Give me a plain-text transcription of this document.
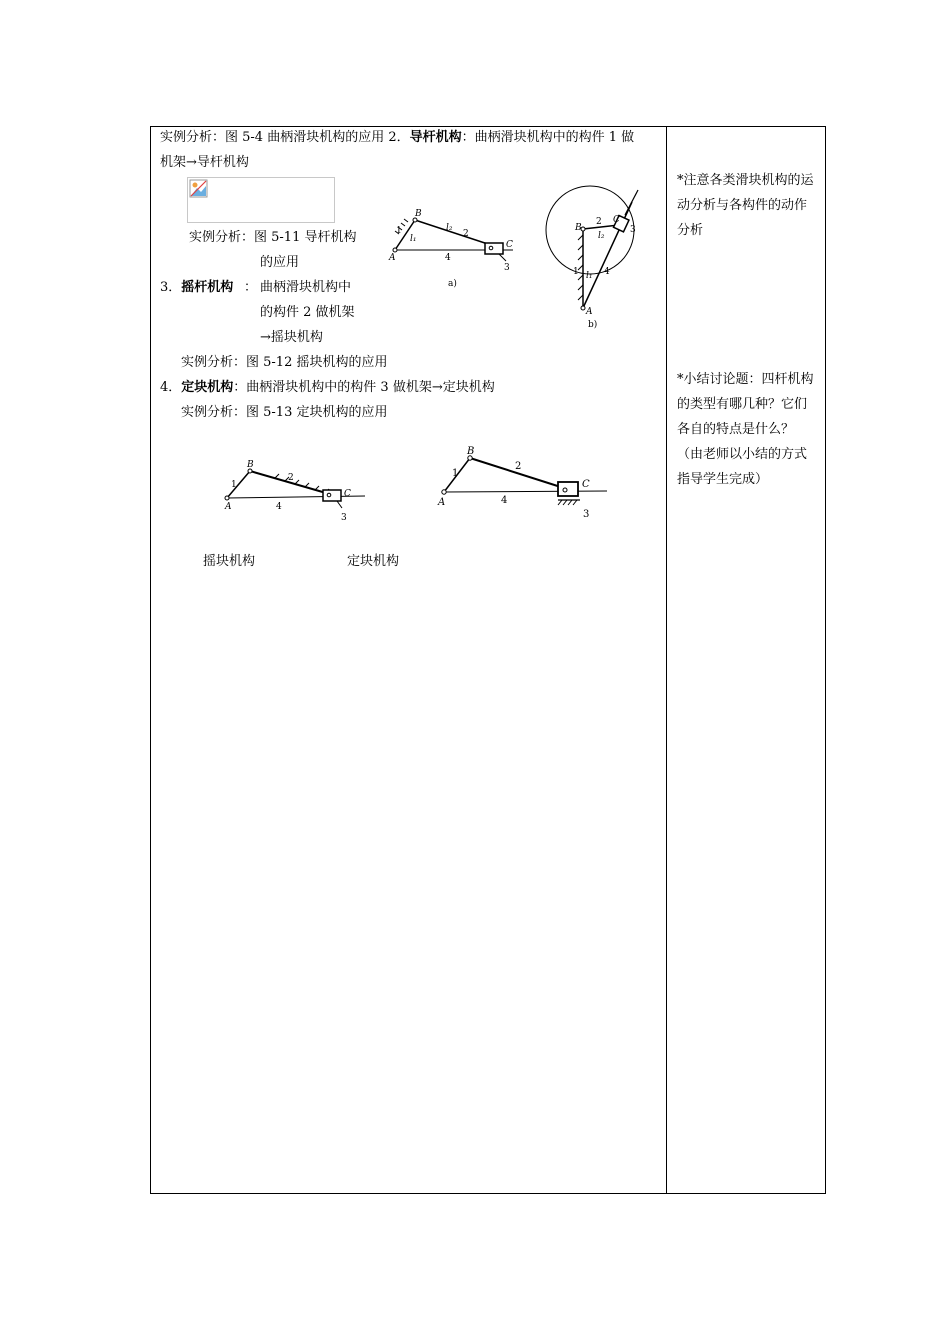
实例分析：图 5-4 曲柄滑块机构的应用 2．导杆机构：曲柄滑块机构中的构件 1 做
机架→导杆机构
实例分析：图 5-11 导杆机构
的应用
3．摇杆机构 ： 曲柄滑块机构中
的构件 2 做机架
→摇块机构
实例分析：图 5-12 摇块机构的应用
4．定块机构：曲柄滑块机构中的构件 3 做机架→定块机构
实例分析：图 5-13 定块机构的应用
摇块机构	定块机构
*注意各类滑块机构的运动分析与各构件的动作分析
*小结讨论题：四杆机构的类型有哪几种？它们各自的特点是什么？ （由老师以小结的方式指导学生完成）
B
A
C
1
l₁
l₂
2
4
3
a)
B
C
2
l₂
3
1 l₁ 4
A
b)
B
1
2
C
A	4
3
B
1
2
C
A	4
3
